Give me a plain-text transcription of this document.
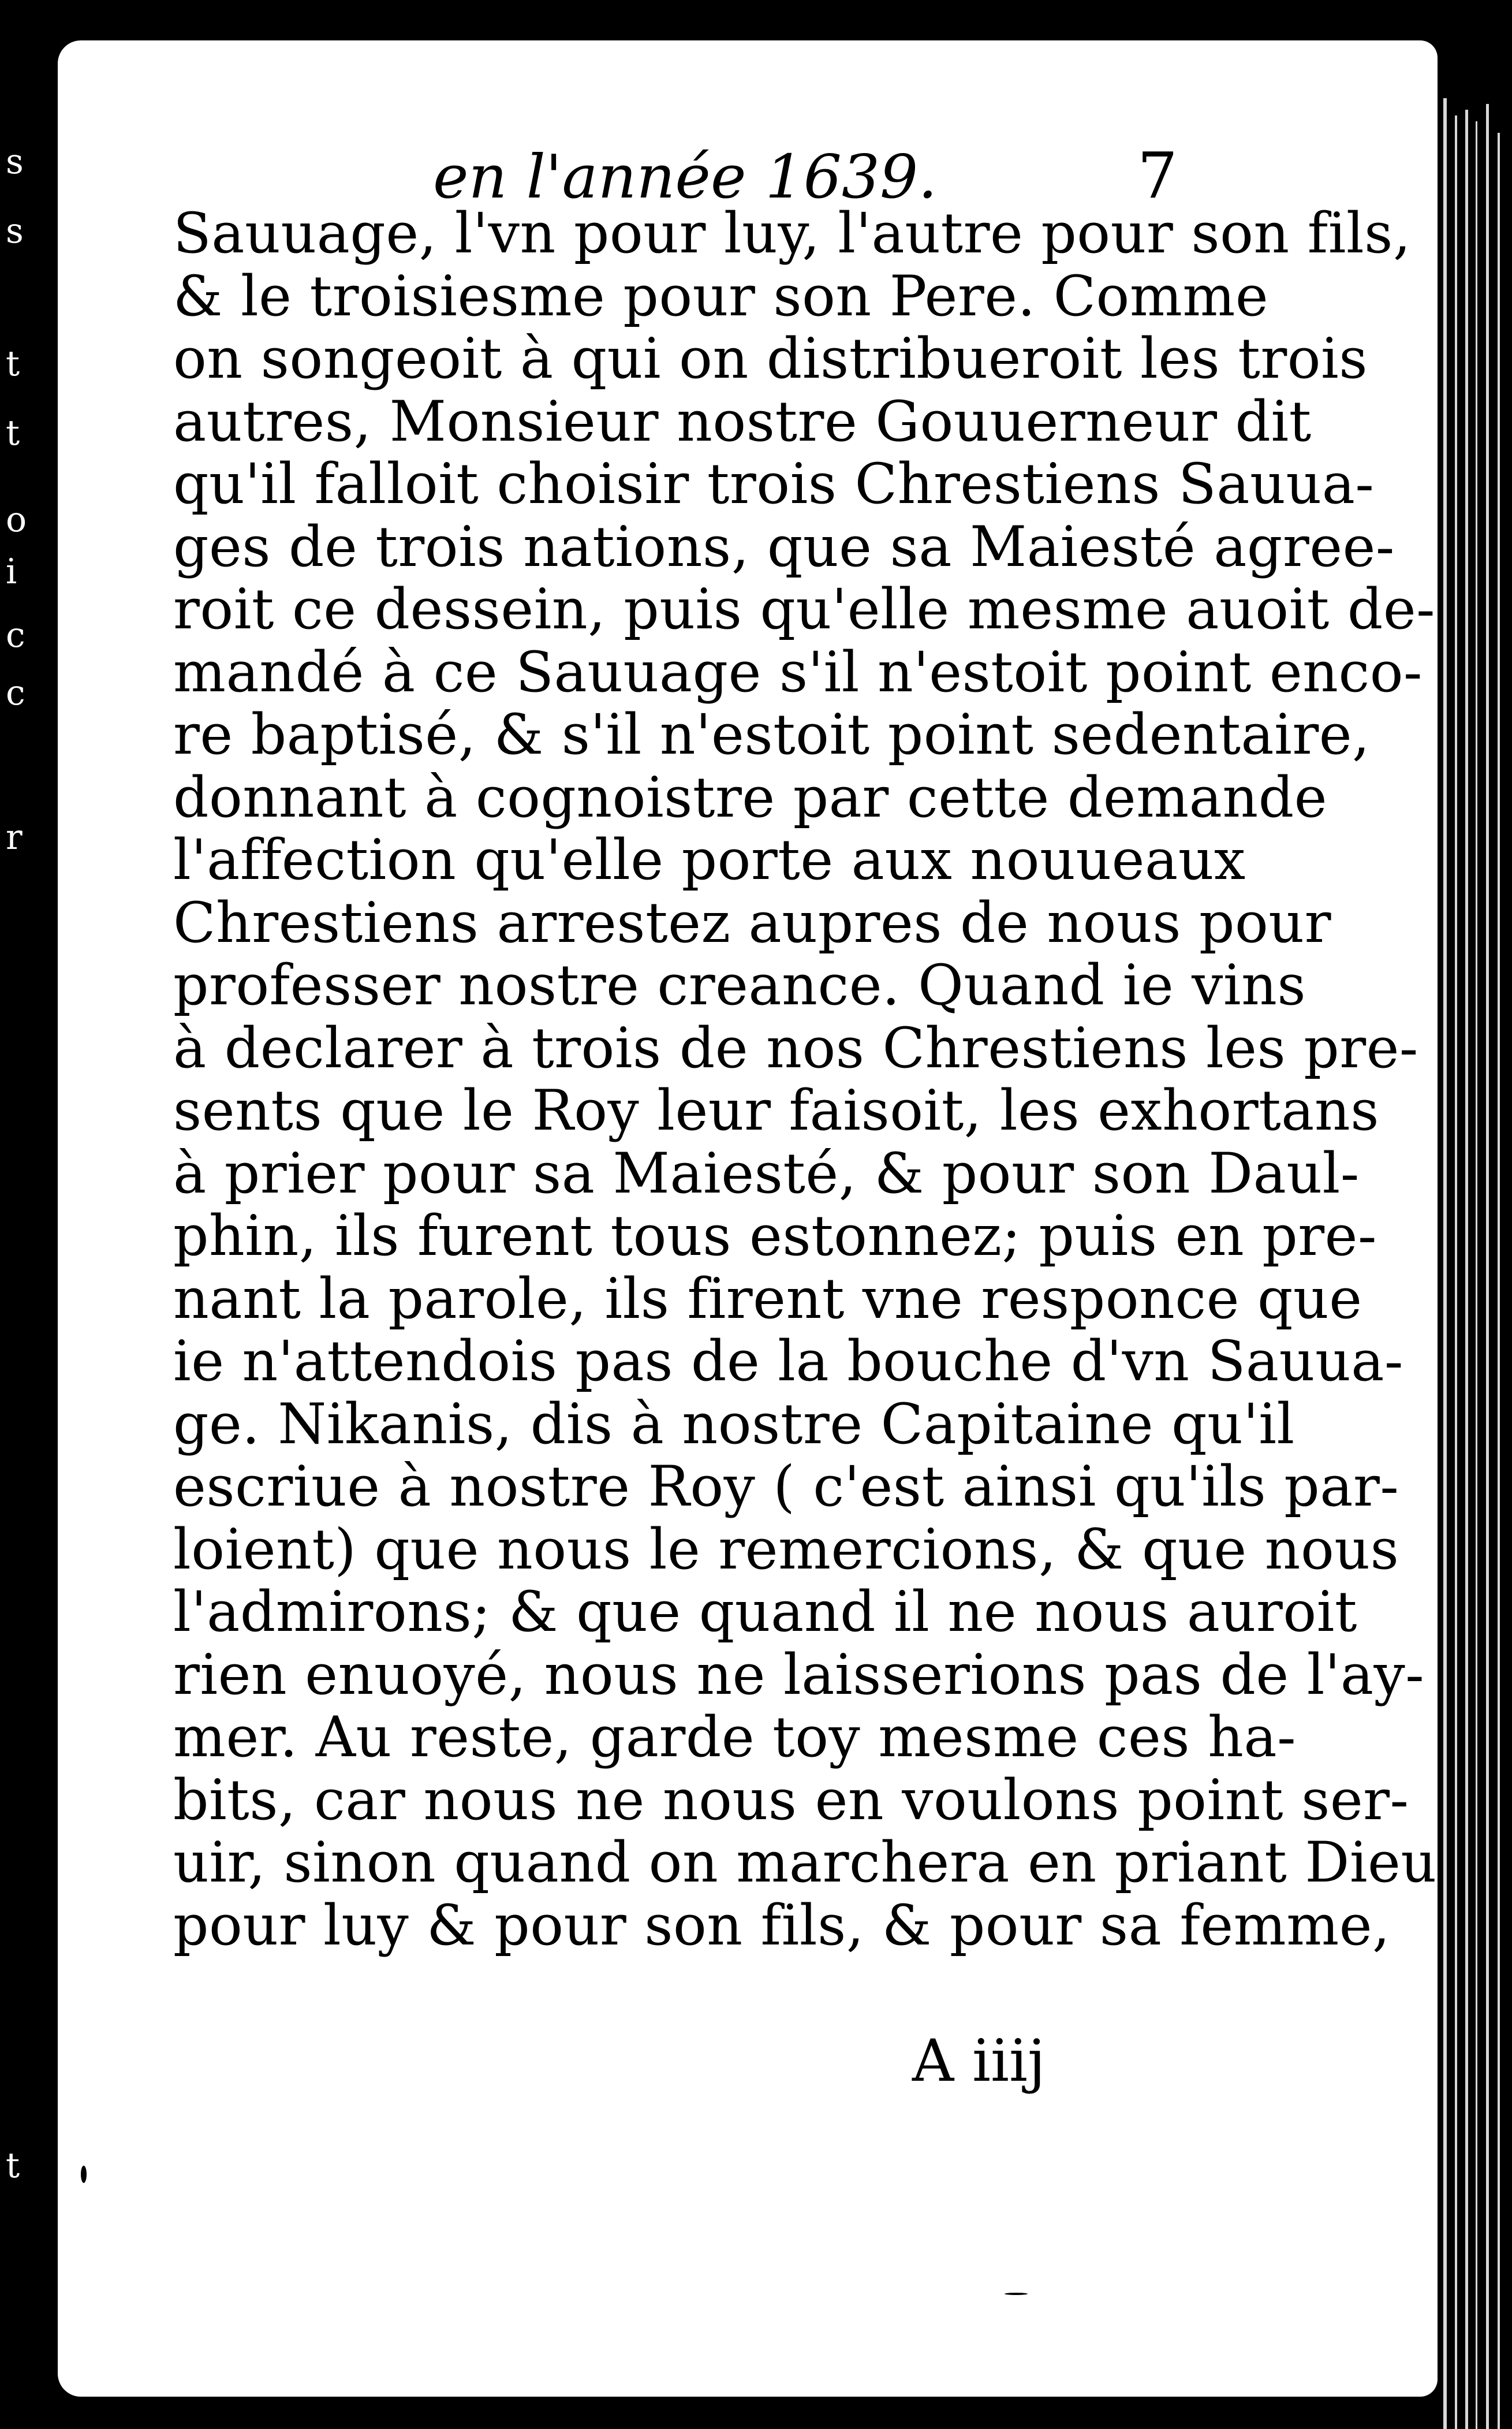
s
s
t
t
o
i
c
c
r
t
en l'année 1639.	7
Sauuage, l'vn pour luy, l'autre pour son fils,
& le troisiesme pour son Pere. Comme
on songeoit à qui on distribueroit les trois
autres, Monsieur nostre Gouuerneur dit
qu'il falloit choisir trois Chrestiens Sauua-
ges de trois nations, que sa Maiesté agree-
roit ce dessein, puis qu'elle mesme auoit de-
mandé à ce Sauuage s'il n'estoit point enco-
re baptisé, & s'il n'estoit point sedentaire,
donnant à cognoistre par cette demande
l'affection qu'elle porte aux nouueaux
Chrestiens arrestez aupres de nous pour
professer nostre creance. Quand ie vins
à declarer à trois de nos Chrestiens les pre-
sents que le Roy leur faisoit, les exhortans
à prier pour sa Maiesté, & pour son Daul-
phin, ils furent tous estonnez; puis en pre-
nant la parole, ils firent vne responce que
ie n'attendois pas de la bouche d'vn Sauua-
ge. Nikanis, dis à nostre Capitaine qu'il
escriue à nostre Roy ( c'est ainsi qu'ils par-
loient) que nous le remercions, & que nous
l'admirons; & que quand il ne nous auroit
rien enuoyé, nous ne laisserions pas de l'ay-
mer. Au reste, garde toy mesme ces ha-
bits, car nous ne nous en voulons point ser-
uir, sinon quand on marchera en priant Dieu
pour luy & pour son fils, & pour sa femme,
A iiij
